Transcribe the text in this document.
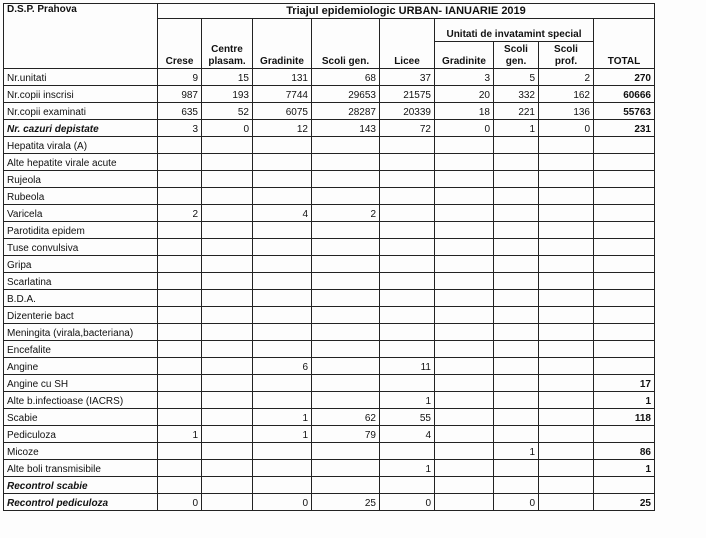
D.S.P. Prahova	Triajul epidemiologic URBAN- IANUARIE 2019								
	Crese	Centre plasam.	Gradinite	Scoli gen.	Licee	Unitati de invatamint special			TOTAL
						Gradinite	Scoli gen.	Scoli prof.	
Nr.unitati	9	15	131	68	37	3	5	2	270
Nr.copii inscrisi	987	193	7744	29653	21575	20	332	162	60666
Nr.copii examinati	635	52	6075	28287	20339	18	221	136	55763
Nr. cazuri depistate	3	0	12	143	72	0	1	0	231
Hepatita virala (A)									
Alte hepatite virale acute									
Rujeola									
Rubeola									
Varicela	2		4	2					
Parotidita epidem									
Tuse convulsiva									
Gripa									
Scarlatina									
B.D.A.									
Dizenterie bact									
Meningita (virala,bacteriana)									
Encefalite									
Angine			6		11				
Angine cu SH									17
Alte b.infectioase (IACRS)					1				1
Scabie			1	62	55				118
Pediculoza	1		1	79	4				
Micoze							1		86
Alte boli transmisibile					1				1
Recontrol scabie									
Recontrol pediculoza	0		0	25	0		0		25
